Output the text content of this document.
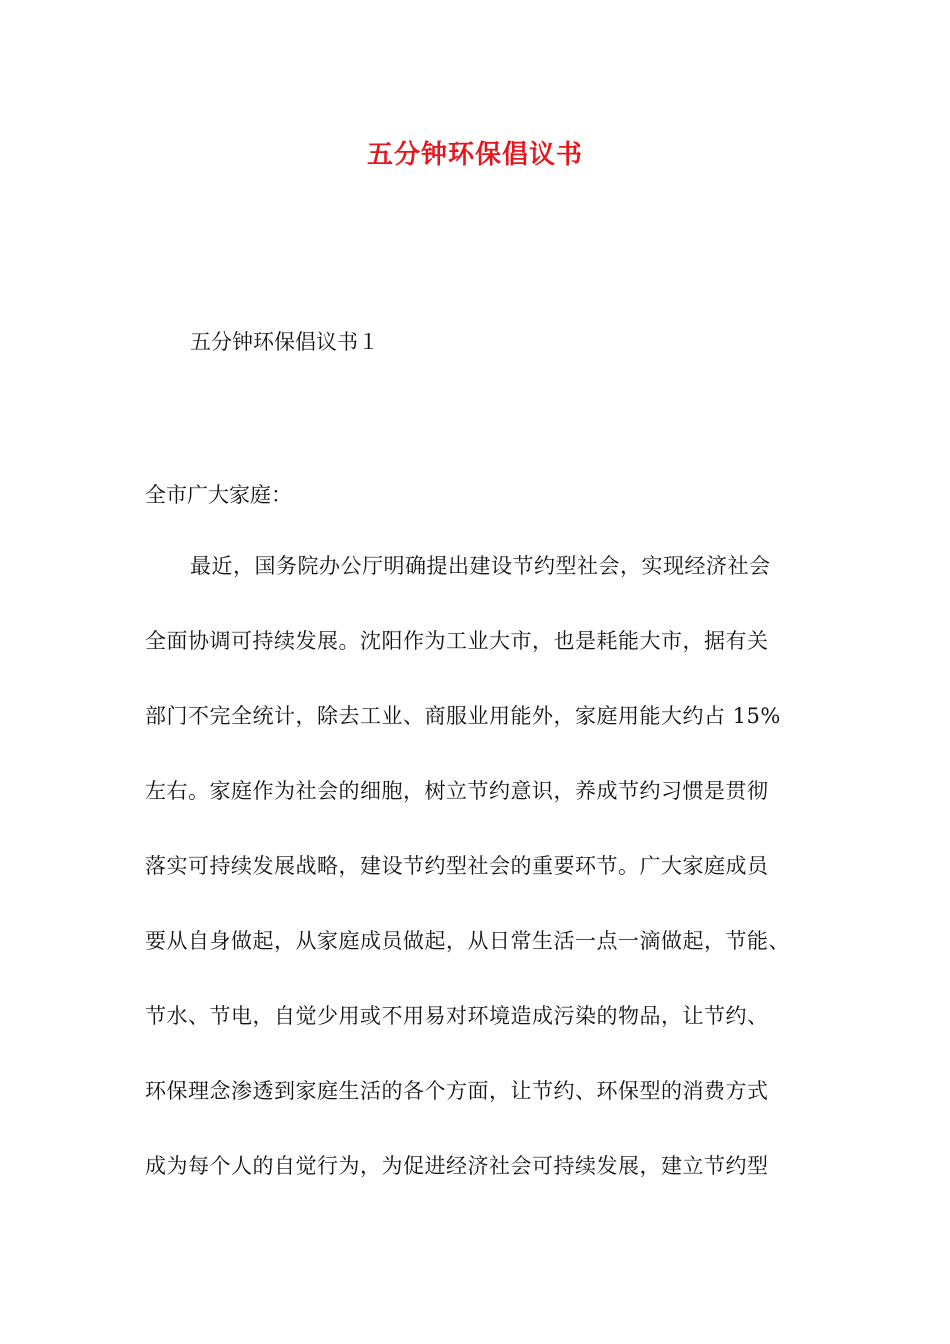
五分钟环保倡议书
五分钟环保倡议书１
全市广大家庭：
最近，国务院办公厅明确提出建设节约型社会，实现经济社会
全面协调可持续发展。沈阳作为工业大市，也是耗能大市，据有关
部门不完全统计，除去工业、商服业用能外，家庭用能大约占 15%
左右。家庭作为社会的细胞，树立节约意识，养成节约习惯是贯彻
落实可持续发展战略，建设节约型社会的重要环节。广大家庭成员
要从自身做起，从家庭成员做起，从日常生活一点一滴做起，节能、
节水、节电，自觉少用或不用易对环境造成污染的物品，让节约、
环保理念渗透到家庭生活的各个方面，让节约、环保型的消费方式
成为每个人的自觉行为，为促进经济社会可持续发展，建立节约型
